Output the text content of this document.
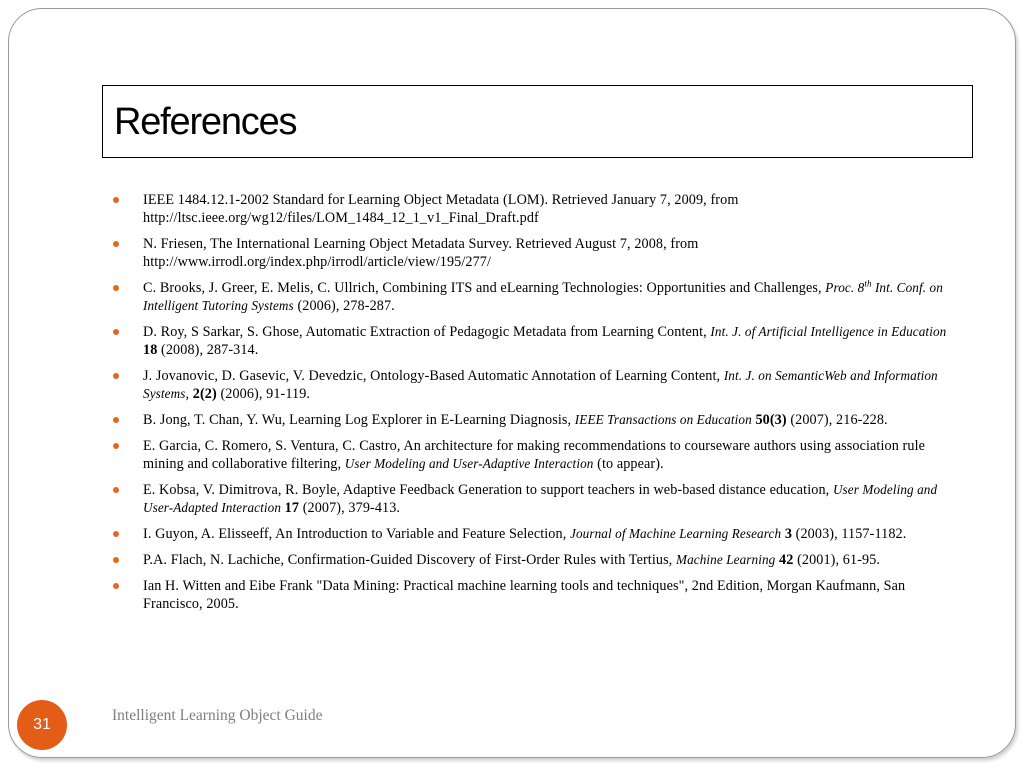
References
IEEE 1484.12.1-2002 Standard for Learning Object Metadata (LOM). Retrieved January 7, 2009, from http://ltsc.ieee.org/wg12/files/LOM_1484_12_1_v1_Final_Draft.pdf
N. Friesen, The International Learning Object Metadata Survey. Retrieved August 7, 2008, from http://www.irrodl.org/index.php/irrodl/article/view/195/277/
C. Brooks, J. Greer, E. Melis, C. Ullrich, Combining ITS and eLearning Technologies: Opportunities and Challenges, Proc. 8th Int. Conf. on Intelligent Tutoring Systems (2006), 278-287.
D. Roy, S Sarkar, S. Ghose, Automatic Extraction of Pedagogic Metadata from Learning Content, Int. J. of Artificial Intelligence in Education 18 (2008), 287-314.
J. Jovanovic, D. Gasevic, V. Devedzic, Ontology-Based Automatic Annotation of Learning Content, Int. J. on SemanticWeb and Information Systems, 2(2) (2006), 91-119.
B. Jong, T. Chan, Y. Wu, Learning Log Explorer in E-Learning Diagnosis, IEEE Transactions on Education 50(3) (2007), 216-228.
E. Garcia, C. Romero, S. Ventura, C. Castro, An architecture for making recommendations to courseware authors using association rule mining and collaborative filtering, User Modeling and User-Adaptive Interaction (to appear).
E. Kobsa, V. Dimitrova, R. Boyle, Adaptive Feedback Generation to support teachers in web-based distance education, User Modeling and User-Adapted Interaction 17 (2007), 379-413.
I. Guyon, A. Elisseeff, An Introduction to Variable and Feature Selection, Journal of Machine Learning Research 3 (2003), 1157-1182.
P.A. Flach, N. Lachiche, Confirmation-Guided Discovery of First-Order Rules with Tertius, Machine Learning 42 (2001), 61-95.
Ian H. Witten and Eibe Frank "Data Mining: Practical machine learning tools and techniques", 2nd Edition, Morgan Kaufmann, San Francisco, 2005.
31
Intelligent Learning Object Guide
